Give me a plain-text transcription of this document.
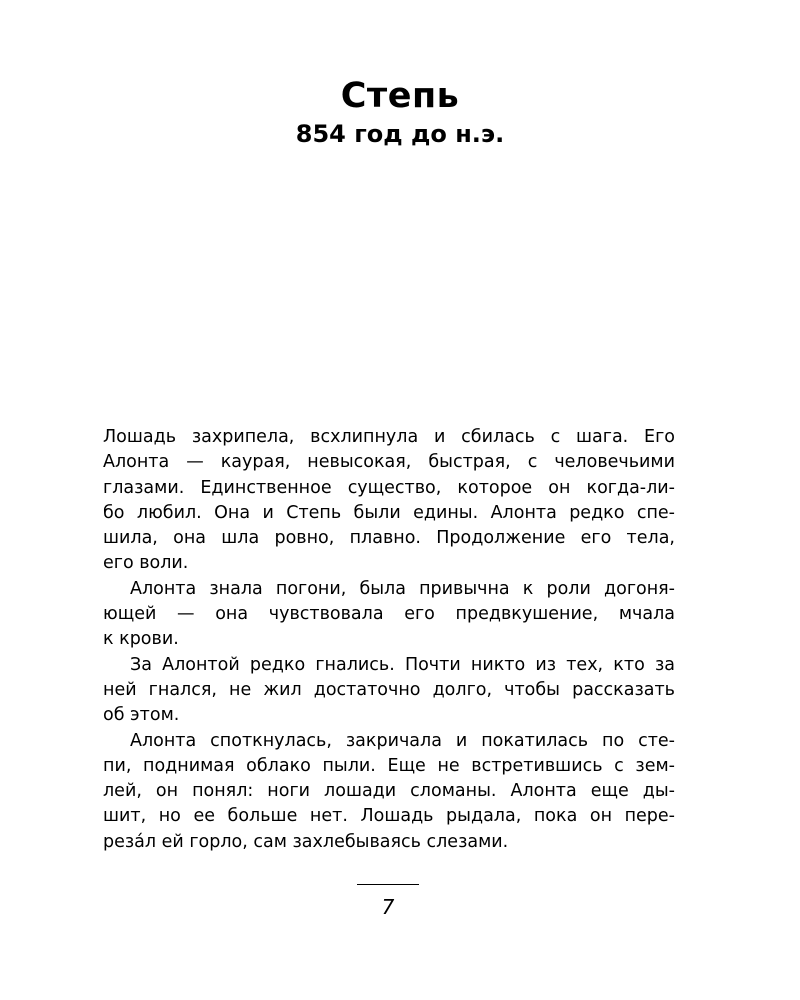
Степь
854 год до н.э.
Лошадь захрипела, всхлипнула и сбилась с шага. Его
Алонта — каурая, невысокая, быстрая, с человечьими
глазами. Единственное существо, которое он когда-ли-
бо любил. Она и Степь были едины. Алонта редко спе-
шила, она шла ровно, плавно. Продолжение его тела,
его воли.
Алонта знала погони, была привычна к роли догоня-
ющей — она чувствовала его предвкушение, мчала
к крови.
За Алонтой редко гнались. Почти никто из тех, кто за
ней гнался, не жил достаточно долго, чтобы рассказать
об этом.
Алонта споткнулась, закричала и покатилась по сте-
пи, поднимая облако пыли. Еще не встретившись с зем-
лей, он понял: ноги лошади сломаны. Алонта еще ды-
шит, но ее больше нет. Лошадь рыдала, пока он пере-
реза́л ей горло, сам захлебываясь слезами.
7
